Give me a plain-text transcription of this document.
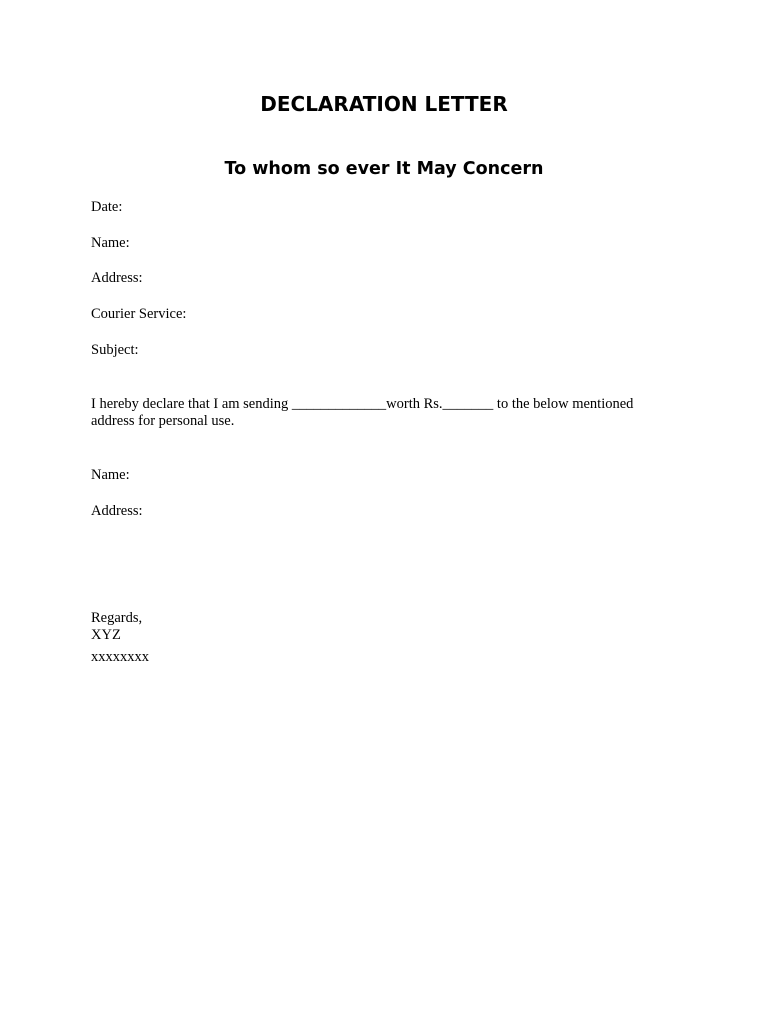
DECLARATION LETTER
To whom so ever It May Concern

Date:

Name:

Address:

Courier Service:

Subject:

I hereby declare that I am sending _____________worth Rs._______ to the below mentioned
address for personal use.

Name:

Address:

Regards,

XYZ

xxxxxxxx
